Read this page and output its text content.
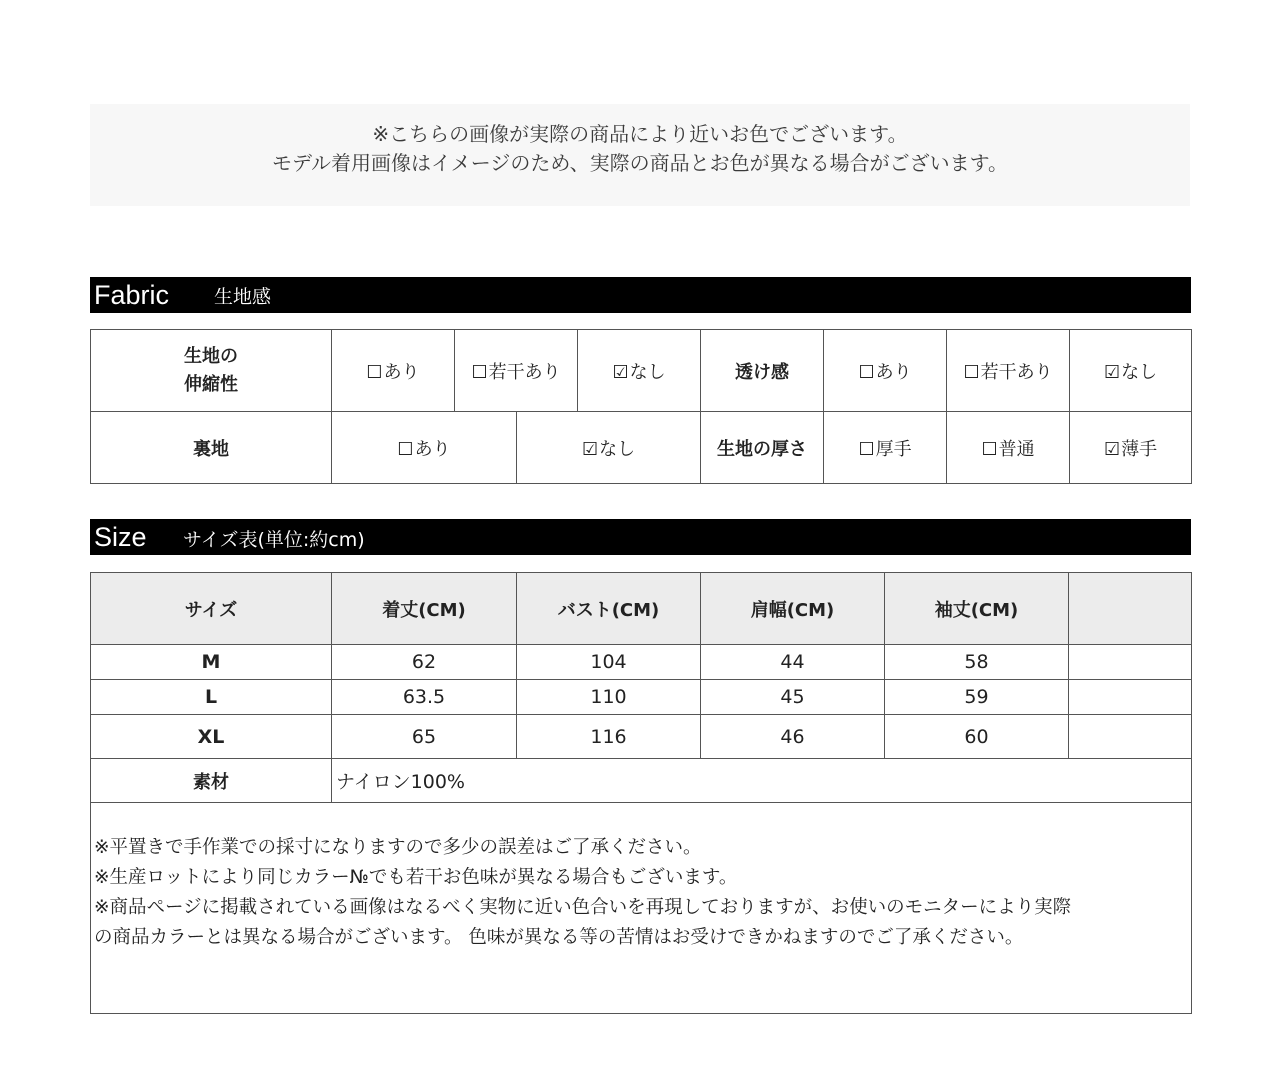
※こちらの画像が実際の商品により近いお色でございます。

モデル着用画像はイメージのため、実際の商品とお色が異なる場合がございます。

Fabric 生地感
生地の
伸縮性	☐あり	☐若干あり		☑なし	透け感	☐あり	☐若干あり	☑なし
裏地	☐あり		☑なし		生地の厚さ	☐厚手	☐普通	☑薄手
Size サイズ表(単位:約cm)
サイズ	着丈(CM)	バスト(CM)	肩幅(CM)	袖丈(CM)	
M	62	104	44	58	
L	63.5	110	45	59	
XL	65	116	46	60	
素材	ナイロン100%				

※平置きで手作業での採寸になりますので多少の誤差はご了承ください。
※生産ロットにより同じカラー№でも若干お色味が異なる場合もございます。
※商品ページに掲載されている画像はなるべく実物に近い色合いを再現しておりますが、お使いのモニターにより実際
の商品カラーとは異なる場合がございます。 色味が異なる等の苦情はお受けできかねますのでご了承ください。					
